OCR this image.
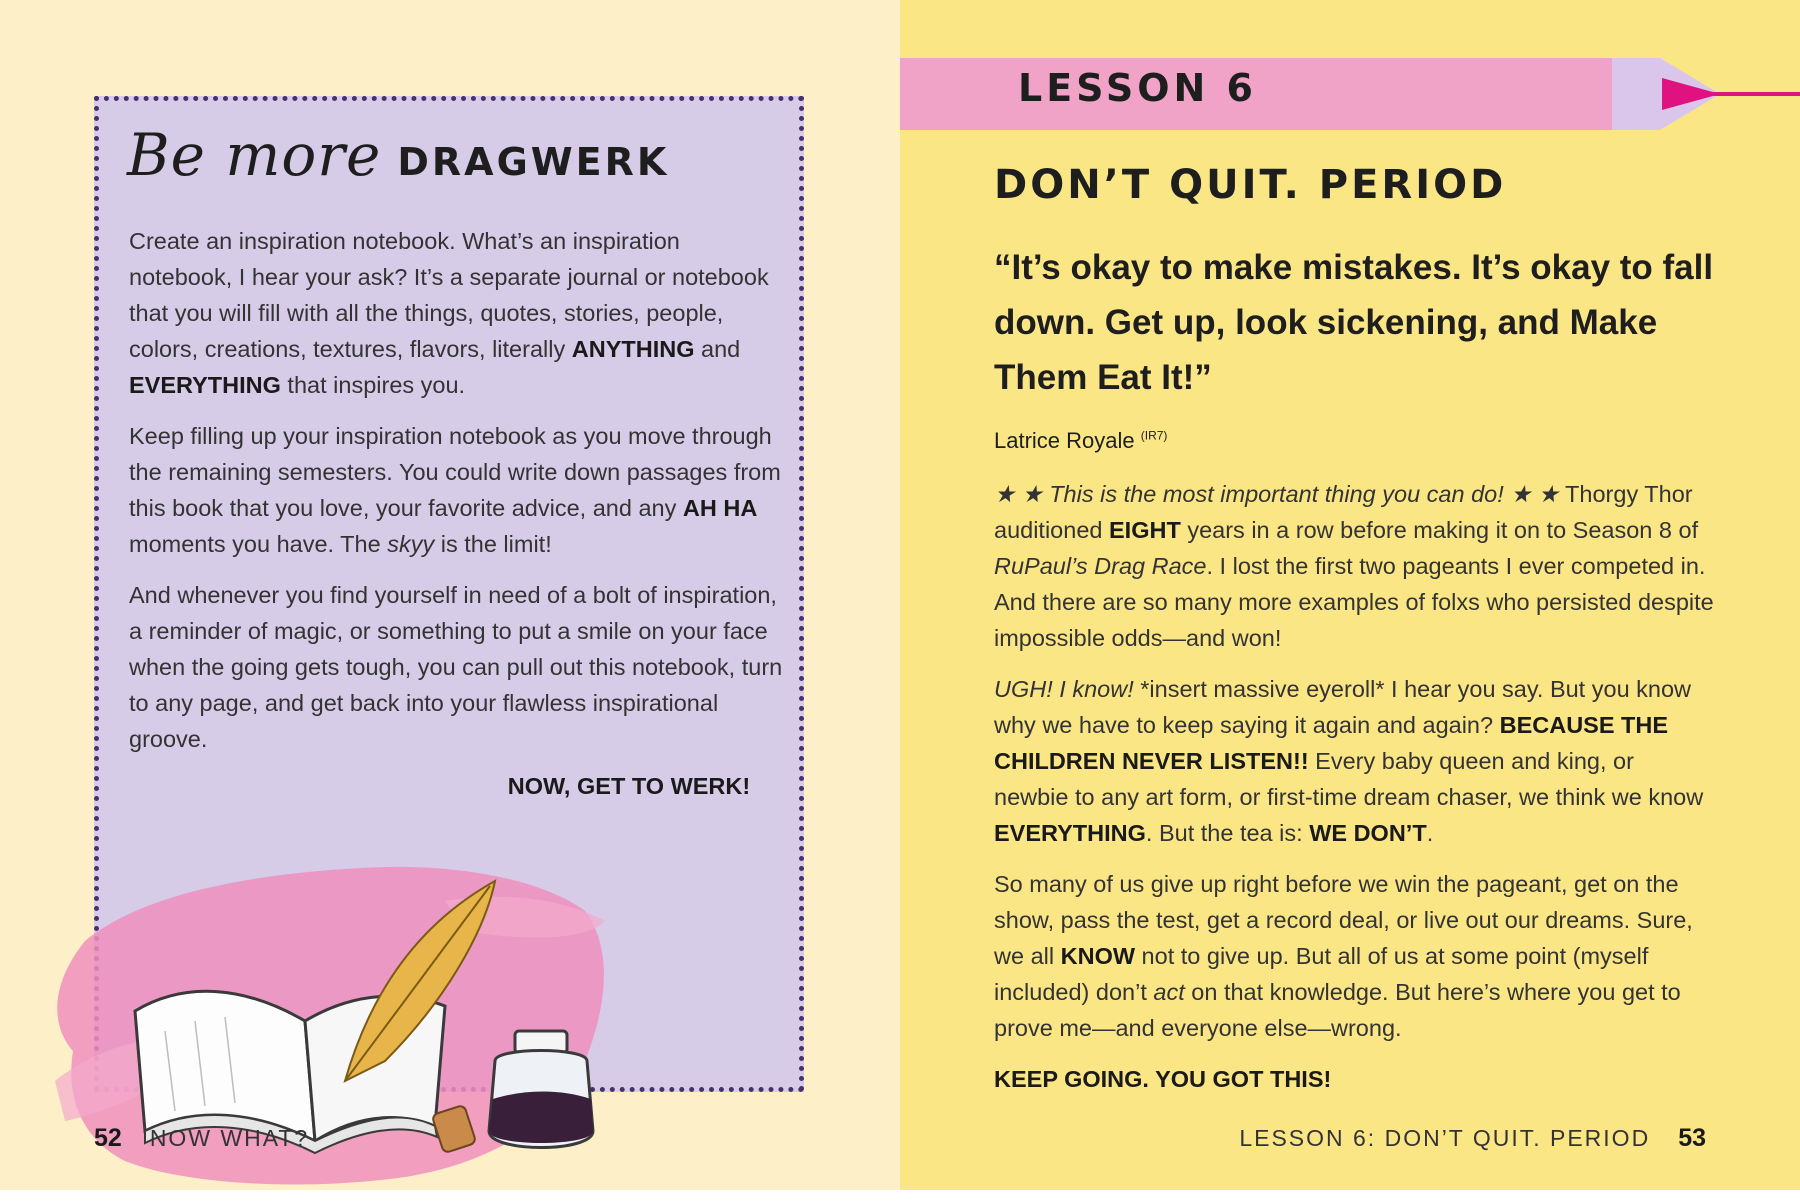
Be more DRAGWERK

Create an inspiration notebook. What’s an inspiration notebook, I hear your ask? It’s a separate journal or notebook that you will fill with all the things, quotes, stories, people, colors, creations, textures, flavors, literally ANYTHING and EVERYTHING that inspires you.

Keep filling up your inspiration notebook as you move through the remaining semesters. You could write down passages from this book that you love, your favorite advice, and any AH HA moments you have. The skyy is the limit!

And whenever you find yourself in need of a bolt of inspiration, a reminder of magic, or something to put a smile on your face when the going gets tough, you can pull out this notebook, turn to any page, and get back into your flawless inspirational groove.

NOW, GET TO WERK!
52 NOW WHAT?
LESSON 6
DON’T QUIT. PERIOD
“It’s okay to make mistakes. It’s okay to fall down. Get up, look sickening, and Make Them Eat It!”
Latrice Royale $^{(IR7)}$

★ ★ This is the most important thing you can do! ★ ★ Thorgy Thor auditioned EIGHT years in a row before making it on to Season 8 of RuPaul’s Drag Race. I lost the first two pageants I ever competed in. And there are so many more examples of folxs who persisted despite impossible odds—and won!

UGH! I know! *insert massive eyeroll* I hear you say. But you know why we have to keep saying it again and again? BECAUSE THE CHILDREN NEVER LISTEN!! Every baby queen and king, or newbie to any art form, or first-time dream chaser, we think we know EVERYTHING. But the tea is: WE DON’T.

So many of us give up right before we win the pageant, get on the show, pass the test, get a record deal, or live out our dreams. Sure, we all KNOW not to give up. But all of us at some point (myself included) don’t act on that knowledge. But here’s where you get to prove me—and everyone else—wrong.

KEEP GOING. YOU GOT THIS!

LESSON 6: DON’T QUIT. PERIOD 53
